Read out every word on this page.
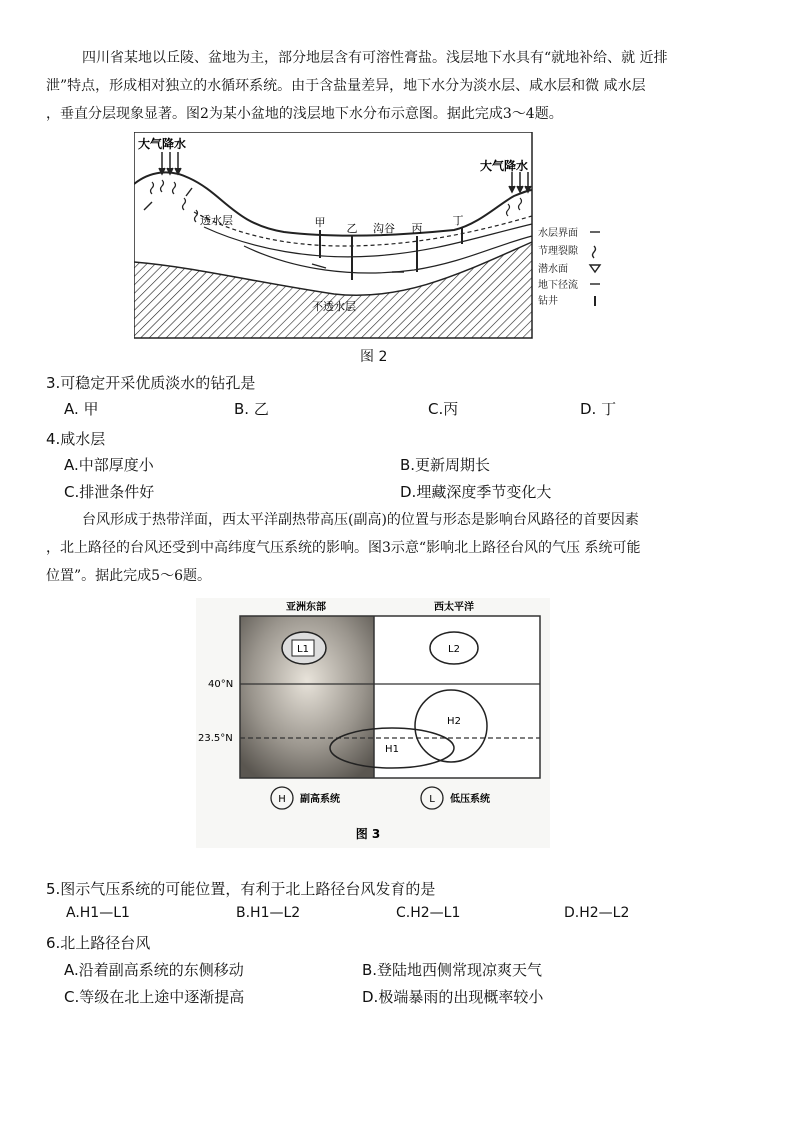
四川省某地以丘陵、盆地为主，部分地层含有可溶性膏盐。浅层地下水具有“就地补给、就 近排
泄”特点，形成相对独立的水循环系统。由于含盐量差异，地下水分为淡水层、咸水层和微 咸水层
，垂直分层现象显著。图2为某小盆地的浅层地下水分布示意图。据此完成3～4题。
甲 乙	丙
丁
沟谷
大气降水
大气降水
透水层
不透水层
水层界面
节理裂隙
潜水面
地下径流
钻井
图 2
3.可稳定开采优质淡水的钻孔是
A. 甲	B. 乙	C.丙	D. 丁
4.咸水层
A.中部厚度小	B.更新周期长
C.排泄条件好	D.埋藏深度季节变化大
台风形成于热带洋面，西太平洋副热带高压(副高)的位置与形态是影响台风路径的首要因素
，北上路径的台风还受到中高纬度气压系统的影响。图3示意“影响北上路径台风的气压 系统可能
位置”。据此完成5～6题。
亚洲东部	西太平洋
40°N
23.5°N
L1	L2
H2
H1
H 副高系统	L 低压系统
图 3
5.图示气压系统的可能位置，有利于北上路径台风发育的是
A.H1—L1	B.H1—L2	C.H2—L1	D.H2—L2
6.北上路径台风
A.沿着副高系统的东侧移动	B.登陆地西侧常现凉爽天气
C.等级在北上途中逐渐提高	D.极端暴雨的出现概率较小
